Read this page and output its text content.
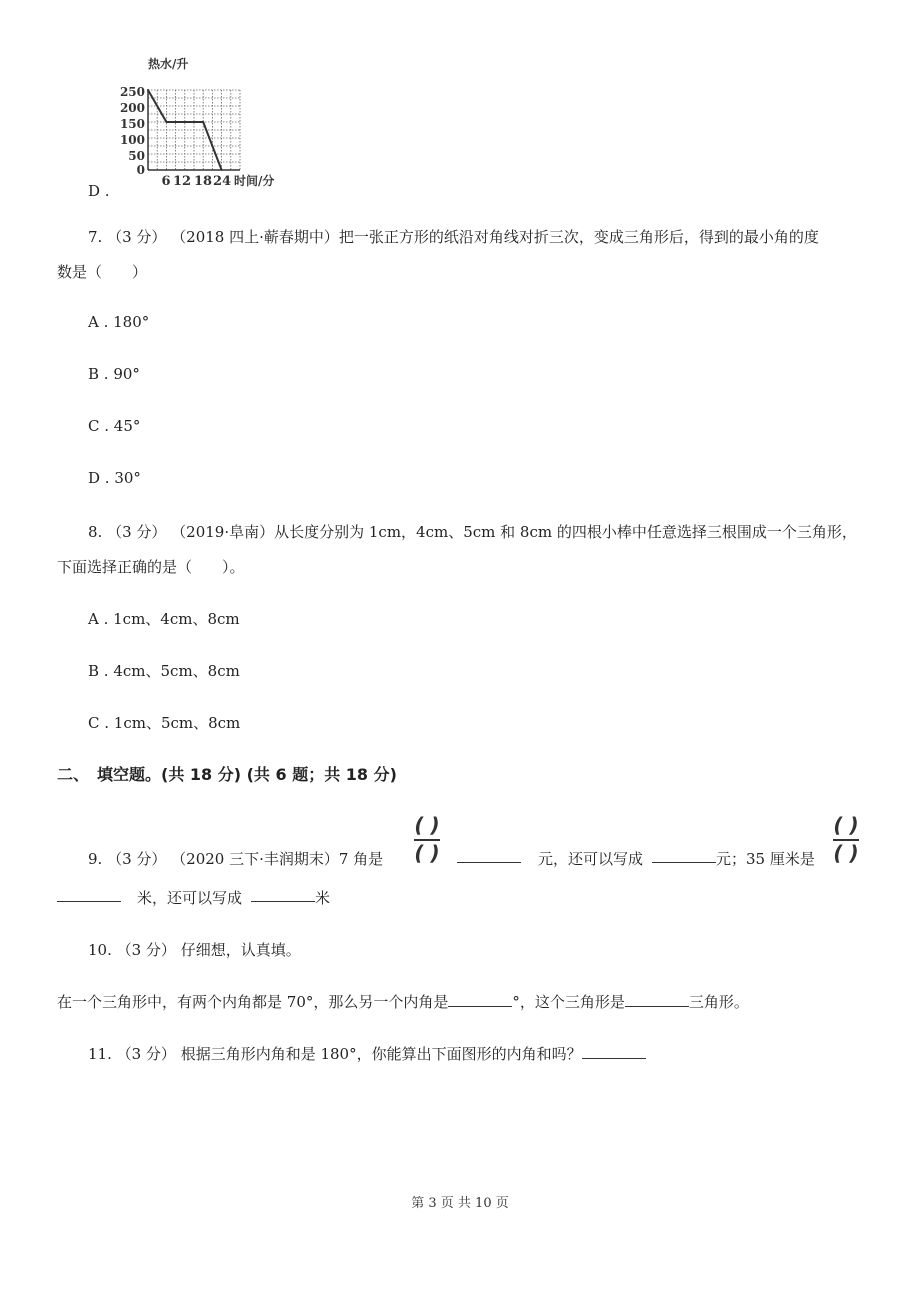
热水/升
250
200
150
100
50
0
6 12 18 24 时间/分
D .
7. （3 分） （2018 四上·蕲春期中）把一张正方形的纸沿对角线对折三次，变成三角形后，得到的最小角的度
数是（　　）
A . 180°
B . 90°
C . 45°
D . 30°
8. （3 分） （2019·阜南）从长度分别为 1cm，4cm、5cm 和 8cm 的四根小棒中任意选择三根围成一个三角形，
下面选择正确的是（　　）。
A . 1cm、4cm、8cm
B . 4cm、5cm、8cm
C . 1cm、5cm、8cm
二、　填空题。(共 18 分) (共 6 题；共 18 分)
9. （3 分） （2020 三下·丰润期末）7 角是
( )
( )	元，还可以写成	元；35 厘米是
( )
( )
米，还可以写成	米
10. （3 分） 仔细想，认真填。
在一个三角形中，有两个内角都是 70°，那么另一个内角是	°，这个三角形是	三角形。
11. （3 分） 根据三角形内角和是 180°，你能算出下面图形的内角和吗？
第 3 页 共 10 页
